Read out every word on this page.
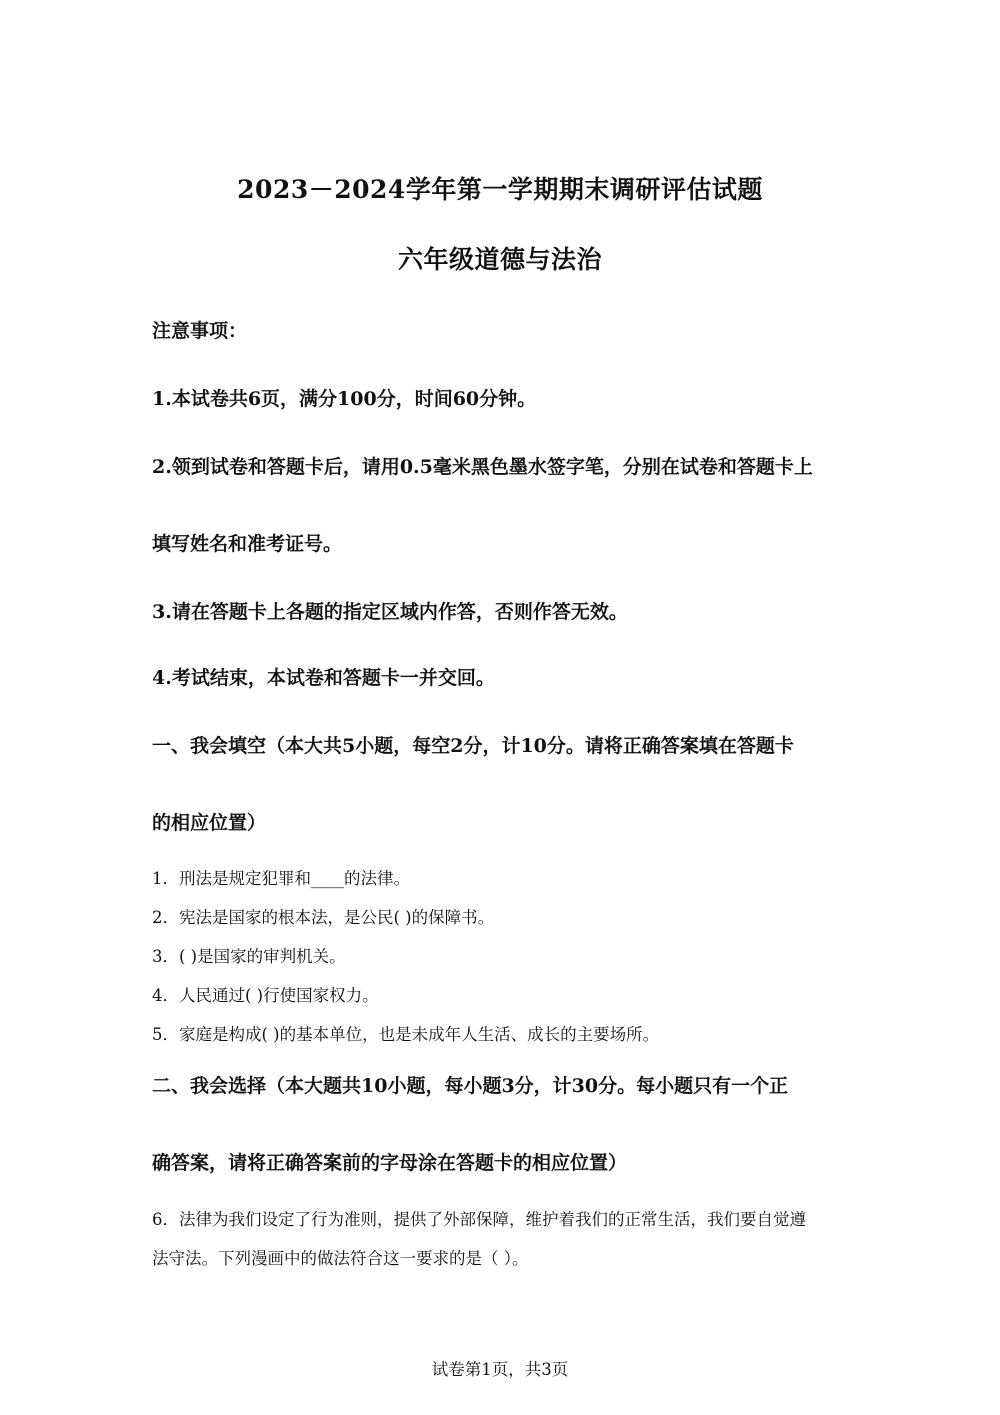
2023－2024学年第一学期期末调研评估试题
六年级道德与法治
注意事项：
1.本试卷共6页，满分100分，时间60分钟。
2.领到试卷和答题卡后，请用0.5毫米黑色墨水签字笔，分别在试卷和答题卡上
填写姓名和准考证号。
3.请在答题卡上各题的指定区域内作答，否则作答无效。
4.考试结束，本试卷和答题卡一并交回。
一、我会填空（本大共5小题，每空2分，计10分。请将正确答案填在答题卡
的相应位置）
1．刑法是规定犯罪和____的法律。
2．宪法是国家的根本法，是公民( )的保障书。
3．( )是国家的审判机关。
4．人民通过( )行使国家权力。
5．家庭是构成( )的基本单位，也是未成年人生活、成长的主要场所。
二、我会选择（本大题共10小题，每小题3分，计30分。每小题只有一个正
确答案，请将正确答案前的字母涂在答题卡的相应位置）
6．法律为我们设定了行为准则，提供了外部保障，维护着我们的正常生活，我们要自觉遵
法守法。下列漫画中的做法符合这一要求的是（ ）。
试卷第1页，共3页
